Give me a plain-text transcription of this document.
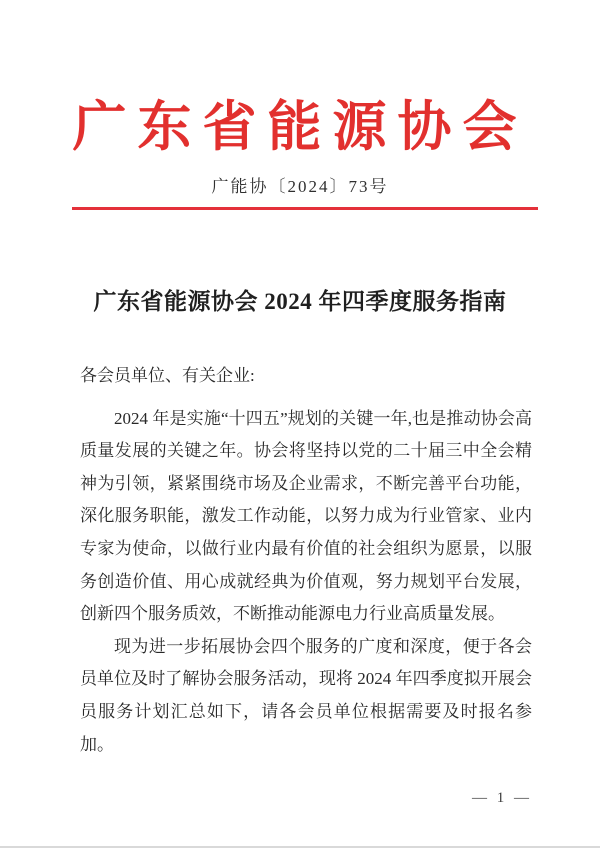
广东省能源协会
广能协〔2024〕73号
广东省能源协会 2024 年四季度服务指南

各会员单位、有关企业:

2024 年是实施“十四五”规划的关键一年,也是推动协会高质量发展的关键之年。协会将坚持以党的二十届三中全会精神为引领，紧紧围绕市场及企业需求，不断完善平台功能，深化服务职能，激发工作动能，以努力成为行业管家、业内专家为使命，以做行业内最有价值的社会组织为愿景，以服务创造价值、用心成就经典为价值观，努力规划平台发展，创新四个服务质效，不断推动能源电力行业高质量发展。

现为进一步拓展协会四个服务的广度和深度，便于各会员单位及时了解协会服务活动，现将 2024 年四季度拟开展会员服务计划汇总如下，请各会员单位根据需要及时报名参加。

— 1 —
